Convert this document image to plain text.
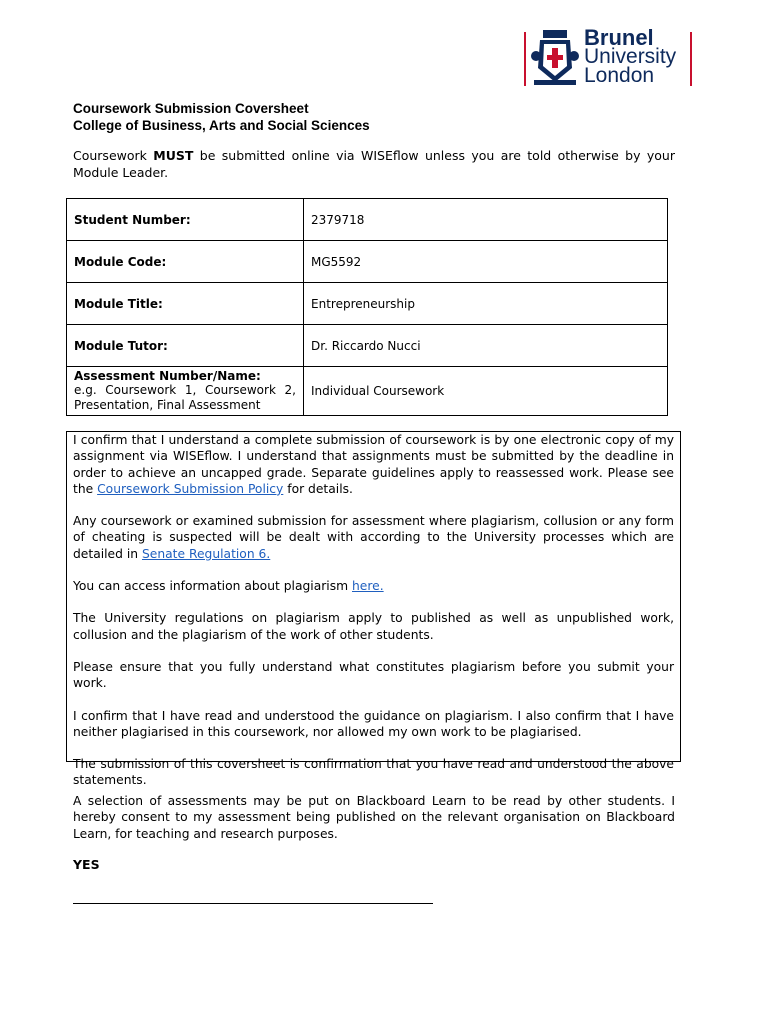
Brunel
University
London
Coursework Submission Coversheet
College of Business, Arts and Social Sciences
Coursework MUST be submitted online via WISEflow unless you are told otherwise by your Module Leader.
Student Number:	2379718
Module Code:	MG5592
Module Title:	Entrepreneurship
Module Tutor:	Dr. Riccardo Nucci

Assessment Number/Name:
e.g. Coursework 1, Coursework 2, Presentation, Final Assessment	Individual Coursework

I confirm that I understand a complete submission of coursework is by one electronic copy of my assignment via WISEflow. I understand that assignments must be submitted by the deadline in order to achieve an uncapped grade. Separate guidelines apply to reassessed work. Please see the Coursework Submission Policy for details.

Any coursework or examined submission for assessment where plagiarism, collusion or any form of cheating is suspected will be dealt with according to the University processes which are detailed in Senate Regulation 6.

You can access information about plagiarism here.

The University regulations on plagiarism apply to published as well as unpublished work, collusion and the plagiarism of the work of other students.

Please ensure that you fully understand what constitutes plagiarism before you submit your work.

I confirm that I have read and understood the guidance on plagiarism. I also confirm that I have neither plagiarised in this coursework, nor allowed my own work to be plagiarised.

The submission of this coversheet is confirmation that you have read and understood the above statements.

A selection of assessments may be put on Blackboard Learn to be read by other students. I hereby consent to my assessment being published on the relevant organisation on Blackboard Learn, for teaching and research purposes.
YES
